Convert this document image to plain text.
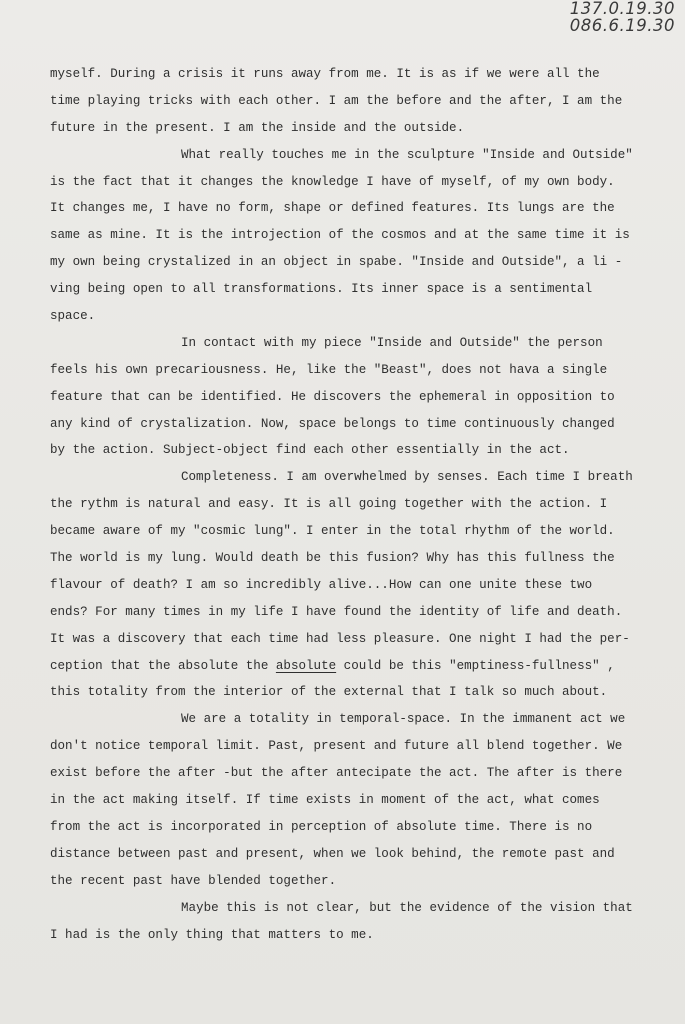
137.0.19.30
086.6.19.30
myself. During a crisis it runs away from me. It is as if we were all the
time playing tricks with each other. I am the before and the after, I am the
future in the present. I am the inside and the outside.
What really touches me in the sculpture "Inside and Outside"
is the fact that it changes the knowledge I have of myself, of my own body.
It changes me, I have no form, shape or defined features. Its lungs are the
same as mine. It is the introjection of the cosmos and at the same time it is
my own being crystalized in an object in spabe. "Inside and Outside", a li -
ving being open to all transformations. Its inner space is a sentimental
space.
In contact with my piece "Inside and Outside" the person
feels his own precariousness. He, like the "Beast", does not hava a single
feature that can be identified. He discovers the ephemeral in opposition to
any kind of crystalization. Now, space belongs to time continuously changed
by the action. Subject-object find each other essentially in the act.
Completeness. I am overwhelmed by senses. Each time I breath
the rythm is natural and easy. It is all going together with the action. I
became aware of my "cosmic lung". I enter in the total rhythm of the world.
The world is my lung. Would death be this fusion? Why has this fullness the
flavour of death? I am so incredibly alive...How can one unite these two
ends? For many times in my life I have found the identity of life and death.
It was a discovery that each time had less pleasure. One night I had the per-
ception that the absolute the absolute could be this "emptiness-fullness" ,
this totality from the interior of the external that I talk so much about.
We are a totality in temporal-space. In the immanent act we
don't notice temporal limit. Past, present and future all blend together. We
exist before the after -but the after antecipate the act. The after is there
in the act making itself. If time exists in moment of the act, what comes
from the act is incorporated in perception of absolute time. There is no
distance between past and present, when we look behind, the remote past and
the recent past have blended together.
Maybe this is not clear, but the evidence of the vision that
I had is the only thing that matters to me.
